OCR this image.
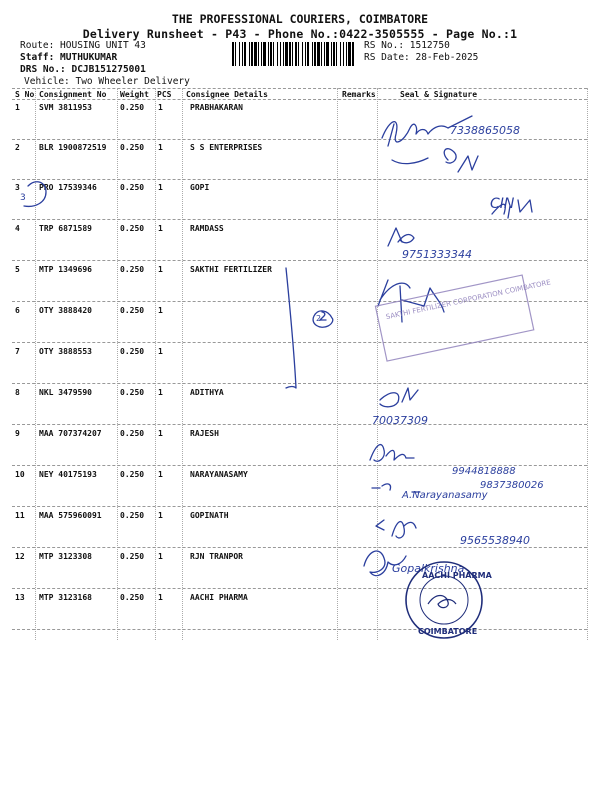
THE PROFESSIONAL COURIERS, COIMBATORE
Delivery Runsheet - P43 - Phone No.:0422-3505555 - Page No.:1
Route: HOUSING UNIT 43
Staff: MUTHUKUMAR
DRS No.: DCJB151275001
Vehicle: Two Wheeler Delivery
RS No.: 1512750
RS Date: 28-Feb-2025
S No Consignment No Weight PCS Consignee Details	Remarks	Seal & Signature
1 SVM 3811953	0.250 1	PRABHAKARAN
2 BLR 1900872519 0.250 1	S S ENTERPRISES
3 PRO 17539346	0.250 1	GOPI
4 TRP 6871589	0.250 1	RAMDASS
5 MTP 1349696	0.250 1	SAKTHI FERTILIZER
6 OTY 3888420	0.250 1
7 OTY 3888553	0.250 1
8 NKL 3479590	0.250 1	ADITHYA
9 MAA 707374207 0.250 1	RAJESH
10 NEY 40175193	0.250 1	NARAYANASAMY
11 MAA 575960091 0.250 1	GOPINATH
12 MTP 3123308	0.250 1	RJN TRANPOR
13 MTP 3123168	0.250 1	AACHI PHARMA
7338865058
CIN
9751333344
70037309
9944818888
9837380026
A.Narayanasamy
9565538940
Gopalkrishna
3
2	SAKTHI FERTILIZER CORPORATION COIMBATORE
AACHI PHARMA
COIMBATORE
